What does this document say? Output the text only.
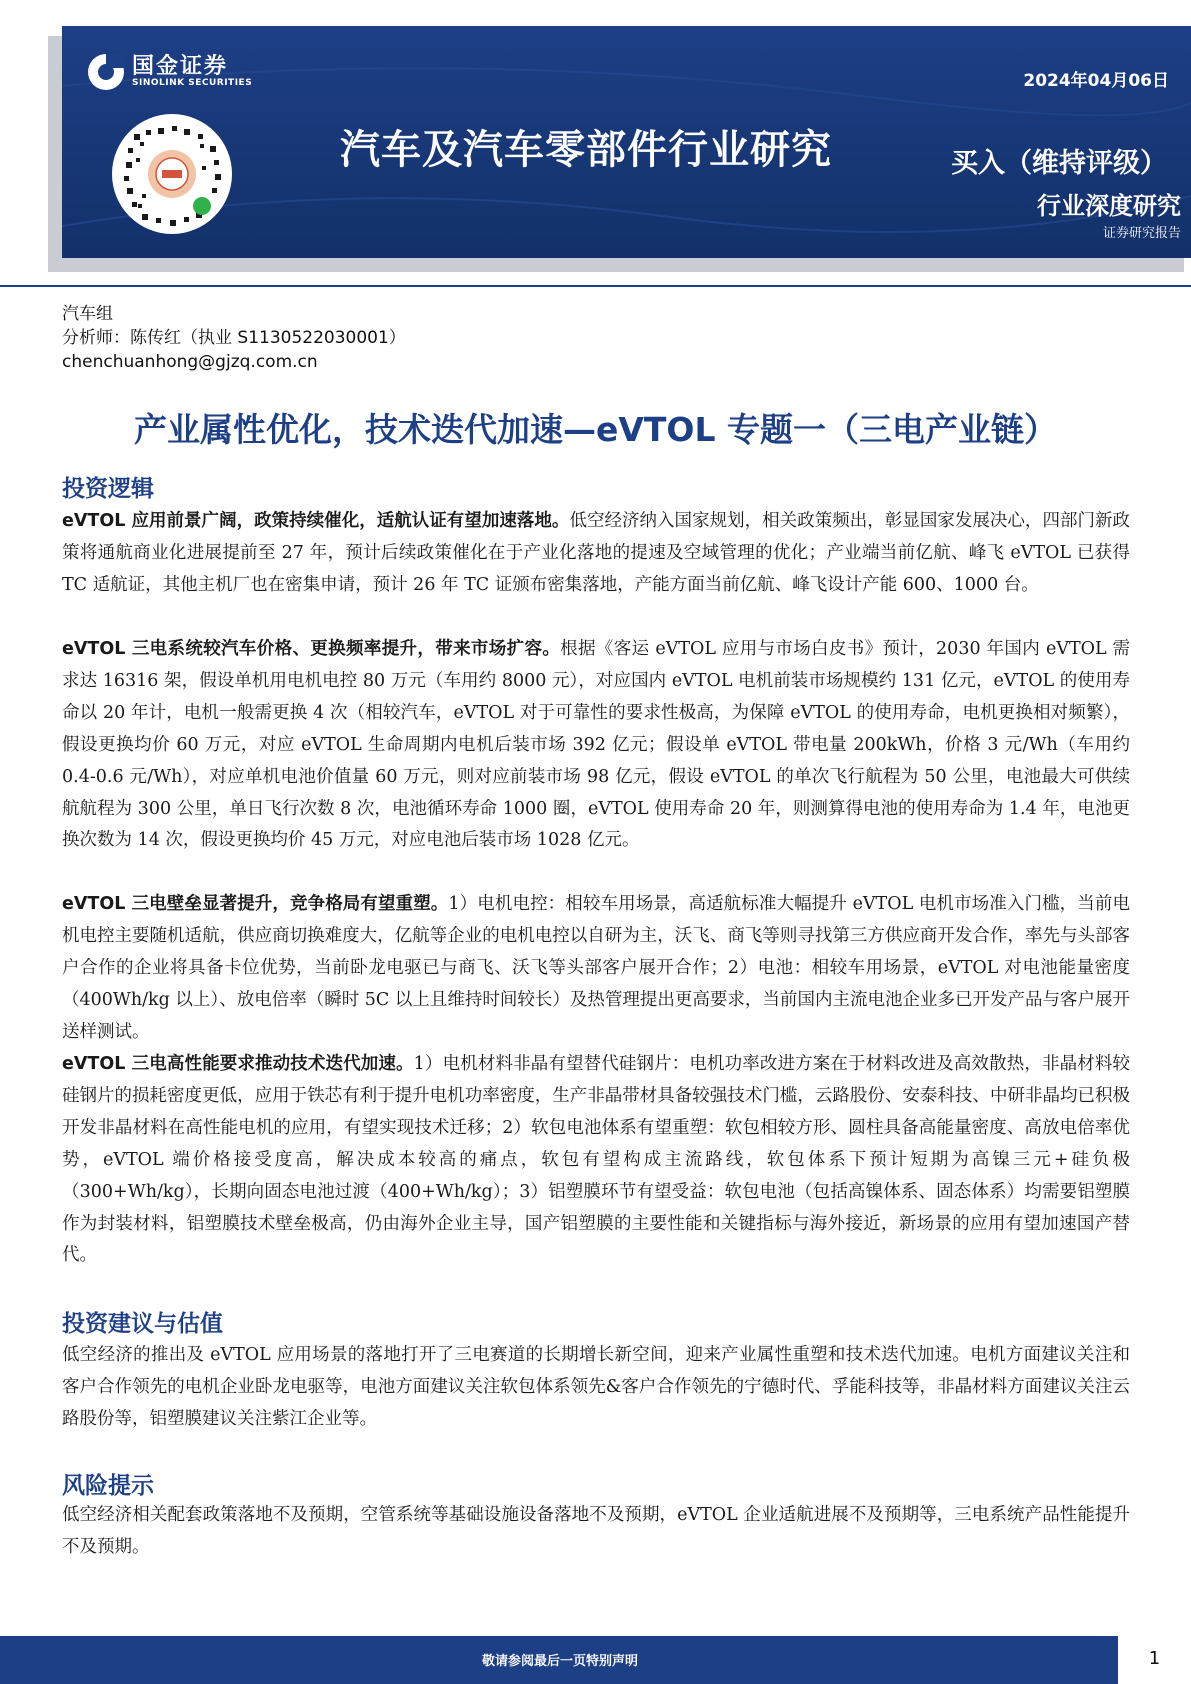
国金证券
SINOLINK SECURITIES	2024年04月06日
汽车及汽车零部件行业研究	买入（维持评级）
行业深度研究
证券研究报告
汽车组
分析师：陈传红（执业 S1130522030001）
chenchuanhong@gjzq.com.cn
产业属性优化，技术迭代加速—eVTOL 专题一（三电产业链）
投资逻辑
eVTOL 应用前景广阔，政策持续催化，适航认证有望加速落地。低空经济纳入国家规划，相关政策频出，彰显国家发展决心，四部门新政策将通航商业化进展提前至 27 年，预计后续政策催化在于产业化落地的提速及空域管理的优化；产业端当前亿航、峰飞 eVTOL 已获得 TC 适航证，其他主机厂也在密集申请，预计 26 年 TC 证颁布密集落地，产能方面当前亿航、峰飞设计产能 600、1000 台。
eVTOL 三电系统较汽车价格、更换频率提升，带来市场扩容。根据《客运 eVTOL 应用与市场白皮书》预计，2030 年国内 eVTOL 需求达 16316 架，假设单机用电机电控 80 万元（车用约 8000 元），对应国内 eVTOL 电机前装市场规模约 131 亿元，eVTOL 的使用寿命以 20 年计，电机一般需更换 4 次（相较汽车，eVTOL 对于可靠性的要求性极高，为保障 eVTOL 的使用寿命，电机更换相对频繁），假设更换均价 60 万元，对应 eVTOL 生命周期内电机后装市场 392 亿元；假设单 eVTOL 带电量 200kWh，价格 3 元/Wh（车用约 0.4-0.6 元/Wh），对应单机电池价值量 60 万元，则对应前装市场 98 亿元，假设 eVTOL 的单次飞行航程为 50 公里，电池最大可供续航航程为 300 公里，单日飞行次数 8 次，电池循环寿命 1000 圈，eVTOL 使用寿命 20 年，则测算得电池的使用寿命为 1.4 年，电池更换次数为 14 次，假设更换均价 45 万元，对应电池后装市场 1028 亿元。
eVTOL 三电壁垒显著提升，竞争格局有望重塑。1）电机电控：相较车用场景，高适航标准大幅提升 eVTOL 电机市场准入门槛，当前电机电控主要随机适航，供应商切换难度大，亿航等企业的电机电控以自研为主，沃飞、商飞等则寻找第三方供应商开发合作，率先与头部客户合作的企业将具备卡位优势，当前卧龙电驱已与商飞、沃飞等头部客户展开合作；2）电池：相较车用场景，eVTOL 对电池能量密度（400Wh/kg 以上）、放电倍率（瞬时 5C 以上且维持时间较长）及热管理提出更高要求，当前国内主流电池企业多已开发产品与客户展开送样测试。
eVTOL 三电高性能要求推动技术迭代加速。1）电机材料非晶有望替代硅钢片：电机功率改进方案在于材料改进及高效散热，非晶材料较硅钢片的损耗密度更低，应用于铁芯有利于提升电机功率密度，生产非晶带材具备较强技术门槛，云路股份、安泰科技、中研非晶均已积极开发非晶材料在高性能电机的应用，有望实现技术迁移；2）软包电池体系有望重塑：软包相较方形、圆柱具备高能量密度、高放电倍率优势，eVTOL 端价格接受度高，解决成本较高的痛点，软包有望构成主流路线，软包体系下预计短期为高镍三元+硅负极（300+Wh/kg），长期向固态电池过渡（400+Wh/kg）；3）铝塑膜环节有望受益：软包电池（包括高镍体系、固态体系）均需要铝塑膜作为封装材料，铝塑膜技术壁垒极高，仍由海外企业主导，国产铝塑膜的主要性能和关键指标与海外接近，新场景的应用有望加速国产替代。
投资建议与估值
低空经济的推出及 eVTOL 应用场景的落地打开了三电赛道的长期增长新空间，迎来产业属性重塑和技术迭代加速。电机方面建议关注和客户合作领先的电机企业卧龙电驱等，电池方面建议关注软包体系领先&客户合作领先的宁德时代、孚能科技等，非晶材料方面建议关注云路股份等，铝塑膜建议关注紫江企业等。
风险提示
低空经济相关配套政策落地不及预期，空管系统等基础设施设备落地不及预期，eVTOL 企业适航进展不及预期等，三电系统产品性能提升不及预期。
敬请参阅最后一页特别声明	1
